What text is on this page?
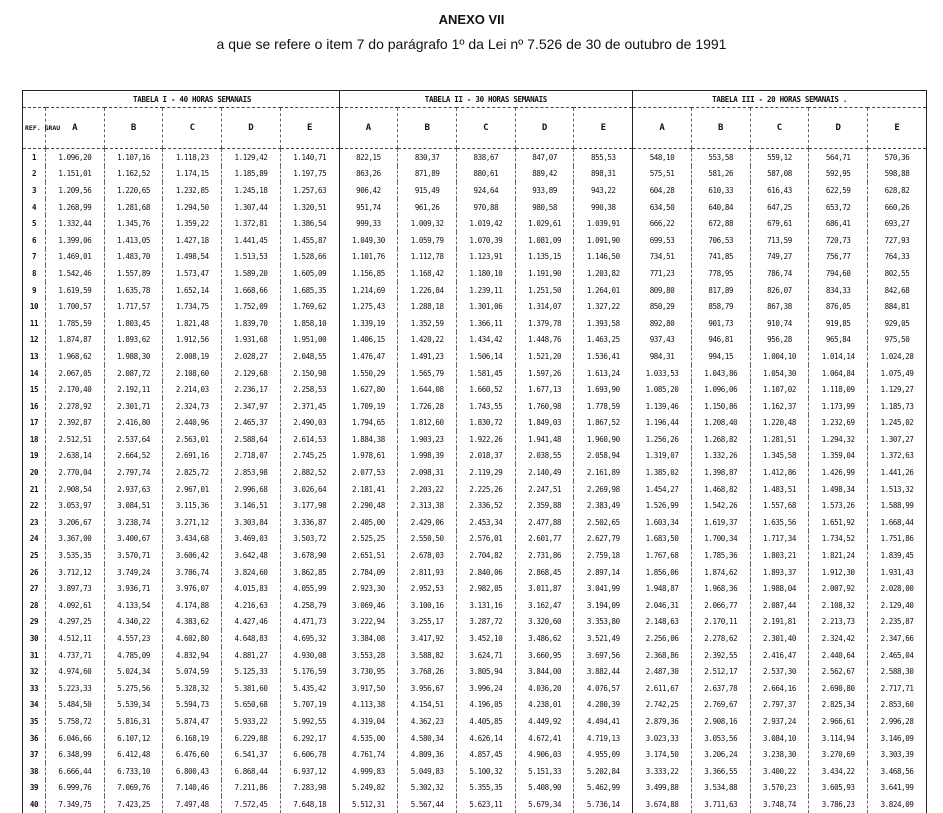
ANEXO VII
a que se refere o item 7 do parágrafo 1º da Lei nº 7.526 de 30 de outubro de 1991
	TABELA I - 40 HORAS SEMANAIS					TABELA II - 30 HORAS SEMANAIS					TABELA III - 20 HORAS SEMANAIS .				
REF. GRAU	A	B	C	D	E	A	B	C	D	E	A	B	C	D	E
1	1.096,20	1.107,16	1.118,23	1.129,42	1.140,71	822,15	830,37	838,67	847,07	855,53	548,10	553,58	559,12	564,71	570,36
2	1.151,01	1.162,52	1.174,15	1.185,89	1.197,75	863,26	871,89	880,61	889,42	898,31	575,51	581,26	587,08	592,95	598,88
3	1.209,56	1.220,65	1.232,85	1.245,18	1.257,63	906,42	915,49	924,64	933,89	943,22	604,28	610,33	616,43	622,59	628,82
4	1.268,99	1.281,68	1.294,50	1.307,44	1.320,51	951,74	961,26	970,88	980,58	990,38	634,50	640,84	647,25	653,72	660,26
5	1.332,44	1.345,76	1.359,22	1.372,81	1.386,54	999,33	1.009,32	1.019,42	1.029,61	1.039,91	666,22	672,88	679,61	686,41	693,27
6	1.399,06	1.413,05	1.427,18	1.441,45	1.455,87	1.049,30	1.059,79	1.070,39	1.081,09	1.091,90	699,53	706,53	713,59	720,73	727,93
7	1.469,01	1.483,70	1.498,54	1.513,53	1.528,66	1.101,76	1.112,78	1.123,91	1.135,15	1.146,50	734,51	741,85	749,27	756,77	764,33
8	1.542,46	1.557,89	1.573,47	1.589,20	1.605,09	1.156,85	1.168,42	1.180,10	1.191,90	1.203,82	771,23	778,95	786,74	794,60	802,55
9	1.619,59	1.635,78	1.652,14	1.668,66	1.685,35	1.214,69	1.226,84	1.239,11	1.251,50	1.264,01	809,80	817,89	826,07	834,33	842,68
10	1.700,57	1.717,57	1.734,75	1.752,09	1.769,62	1.275,43	1.288,18	1.301,06	1.314,07	1.327,22	850,29	858,79	867,38	876,05	884,81
11	1.785,59	1.803,45	1.821,48	1.839,70	1.858,10	1.339,19	1.352,59	1.366,11	1.379,78	1.393,58	892,80	901,73	910,74	919,85	929,05
12	1.874,87	1.893,62	1.912,56	1.931,68	1.951,00	1.406,15	1.420,22	1.434,42	1.448,76	1.463,25	937,43	946,81	956,28	965,84	975,50
13	1.968,62	1.988,30	2.008,19	2.028,27	2.048,55	1.476,47	1.491,23	1.506,14	1.521,20	1.536,41	984,31	994,15	1.004,10	1.014,14	1.024,28
14	2.067,05	2.087,72	2.108,60	2.129,68	2.150,98	1.550,29	1.565,79	1.581,45	1.597,26	1.613,24	1.033,53	1.043,86	1.054,30	1.064,84	1.075,49
15	2.170,40	2.192,11	2.214,03	2.236,17	2.258,53	1.627,80	1.644,08	1.660,52	1.677,13	1.693,90	1.085,20	1.096,06	1.107,02	1.118,09	1.129,27
16	2.278,92	2.301,71	2.324,73	2.347,97	2.371,45	1.709,19	1.726,28	1.743,55	1.760,98	1.778,59	1.139,46	1.150,86	1.162,37	1.173,99	1.185,73
17	2.392,87	2.416,80	2.440,96	2.465,37	2.490,03	1.794,65	1.812,60	1.830,72	1.849,03	1.867,52	1.196,44	1.208,40	1.220,48	1.232,69	1.245,02
18	2.512,51	2.537,64	2.563,01	2.588,64	2.614,53	1.884,38	1.903,23	1.922,26	1.941,48	1.960,90	1.256,26	1.268,82	1.281,51	1.294,32	1.307,27
19	2.638,14	2.664,52	2.691,16	2.718,07	2.745,25	1.978,61	1.998,39	2.018,37	2.038,55	2.058,94	1.319,07	1.332,26	1.345,58	1.359,04	1.372,63
20	2.770,04	2.797,74	2.825,72	2.853,98	2.882,52	2.077,53	2.098,31	2.119,29	2.140,49	2.161,89	1.385,02	1.398,87	1.412,86	1.426,99	1.441,26
21	2.908,54	2.937,63	2.967,01	2.996,68	3.026,64	2.181,41	2.203,22	2.225,26	2.247,51	2.269,98	1.454,27	1.468,82	1.483,51	1.498,34	1.513,32
22	3.053,97	3.084,51	3.115,36	3.146,51	3.177,98	2.290,48	2.313,38	2.336,52	2.359,88	2.383,49	1.526,99	1.542,26	1.557,68	1.573,26	1.588,99
23	3.206,67	3.238,74	3.271,12	3.303,84	3.336,87	2.405,00	2.429,06	2.453,34	2.477,88	2.502,65	1.603,34	1.619,37	1.635,56	1.651,92	1.668,44
24	3.367,00	3.400,67	3.434,68	3.469,03	3.503,72	2.525,25	2.550,50	2.576,01	2.601,77	2.627,79	1.683,50	1.700,34	1.717,34	1.734,52	1.751,86
25	3.535,35	3.570,71	3.606,42	3.642,48	3.678,90	2.651,51	2.678,03	2.704,82	2.731,86	2.759,18	1.767,68	1.785,36	1.803,21	1.821,24	1.839,45
26	3.712,12	3.749,24	3.786,74	3.824,60	3.862,85	2.784,09	2.811,93	2.840,06	2.868,45	2.897,14	1.856,06	1.874,62	1.893,37	1.912,30	1.931,43
27	3.897,73	3.936,71	3.976,07	4.015,83	4.055,99	2.923,30	2.952,53	2.982,05	3.011,87	3.041,99	1.948,87	1.968,36	1.988,04	2.007,92	2.028,00
28	4.092,61	4.133,54	4.174,88	4.216,63	4.258,79	3.069,46	3.100,16	3.131,16	3.162,47	3.194,09	2.046,31	2.066,77	2.087,44	2.108,32	2.129,40
29	4.297,25	4.340,22	4.383,62	4.427,46	4.471,73	3.222,94	3.255,17	3.287,72	3.320,60	3.353,80	2.148,63	2.170,11	2.191,81	2.213,73	2.235,87
30	4.512,11	4.557,23	4.602,80	4.648,83	4.695,32	3.384,08	3.417,92	3.452,10	3.486,62	3.521,49	2.256,06	2.278,62	2.301,40	2.324,42	2.347,66
31	4.737,71	4.785,09	4.832,94	4.881,27	4.930,08	3.553,28	3.588,82	3.624,71	3.660,95	3.697,56	2.368,86	2.392,55	2.416,47	2.440,64	2.465,04
32	4.974,60	5.024,34	5.074,59	5.125,33	5.176,59	3.730,95	3.768,26	3.805,94	3.844,00	3.882,44	2.487,30	2.512,17	2.537,30	2.562,67	2.588,30
33	5.223,33	5.275,56	5.328,32	5.381,60	5.435,42	3.917,50	3.956,67	3.996,24	4.036,20	4.076,57	2.611,67	2.637,78	2.664,16	2.690,80	2.717,71
34	5.484,50	5.539,34	5.594,73	5.650,68	5.707,19	4.113,38	4.154,51	4.196,05	4.238,01	4.280,39	2.742,25	2.769,67	2.797,37	2.825,34	2.853,60
35	5.758,72	5.816,31	5.874,47	5.933,22	5.992,55	4.319,04	4.362,23	4.405,85	4.449,92	4.494,41	2.879,36	2.908,16	2.937,24	2.966,61	2.996,28
36	6.046,66	6.107,12	6.168,19	6.229,88	6.292,17	4.535,00	4.580,34	4.626,14	4.672,41	4.719,13	3.023,33	3.053,56	3.084,10	3.114,94	3.146,09
37	6.348,99	6.412,48	6.476,60	6.541,37	6.606,78	4.761,74	4.809,36	4.857,45	4.906,03	4.955,09	3.174,50	3.206,24	3.238,30	3.270,69	3.303,39
38	6.666,44	6.733,10	6.800,43	6.868,44	6.937,12	4.999,83	5.049,83	5.100,32	5.151,33	5.202,84	3.333,22	3.366,55	3.400,22	3.434,22	3.468,56
39	6.999,76	7.069,76	7.140,46	7.211,86	7.283,98	5.249,82	5.302,32	5.355,35	5.408,90	5.462,99	3.499,88	3.534,88	3.570,23	3.605,93	3.641,99
40	7.349,75	7.423,25	7.497,48	7.572,45	7.648,18	5.512,31	5.567,44	5.623,11	5.679,34	5.736,14	3.674,88	3.711,63	3.748,74	3.786,23	3.824,09
